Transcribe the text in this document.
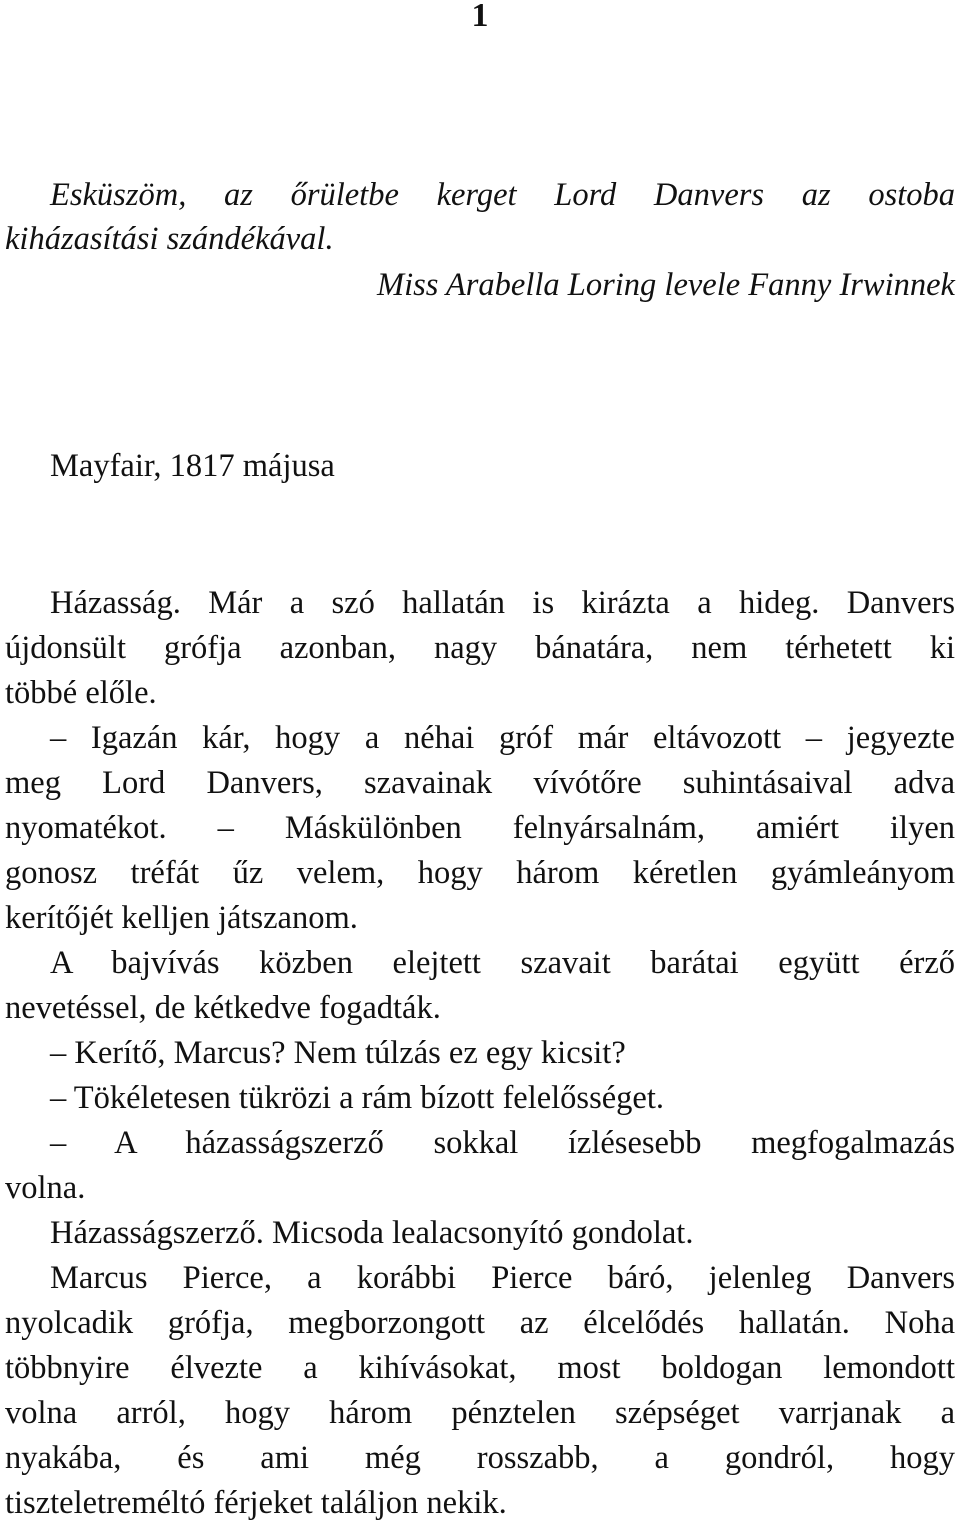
1
Esküszöm, az őrületbe kerget Lord Danvers az ostoba
kiházasítási szándékával.
Miss Arabella Loring levele Fanny Irwinnek
Mayfair, 1817 májusa
Házasság. Már a szó hallatán is kirázta a hideg. Danvers
újdonsült grófja azonban, nagy bánatára, nem térhetett ki
többé előle.
– Igazán kár, hogy a néhai gróf már eltávozott – jegyezte
meg Lord Danvers, szavainak vívótőre suhintásaival adva
nyomatékot. – Máskülönben felnyársalnám, amiért ilyen
gonosz tréfát űz velem, hogy három kéretlen gyámleányom
kerítőjét kelljen játszanom.
A bajvívás közben elejtett szavait barátai együtt érző
nevetéssel, de kétkedve fogadták.
– Kerítő, Marcus? Nem túlzás ez egy kicsit?
– Tökéletesen tükrözi a rám bízott felelősséget.
– A házasságszerző sokkal ízlésesebb megfogalmazás
volna.
Házasságszerző. Micsoda lealacsonyító gondolat.
Marcus Pierce, a korábbi Pierce báró, jelenleg Danvers
nyolcadik grófja, megborzongott az élcelődés hallatán. Noha
többnyire élvezte a kihívásokat, most boldogan lemondott
volna arról, hogy három pénztelen szépséget varrjanak a
nyakába, és ami még rosszabb, a gondról, hogy
tiszteletreméltó férjeket találjon nekik.
